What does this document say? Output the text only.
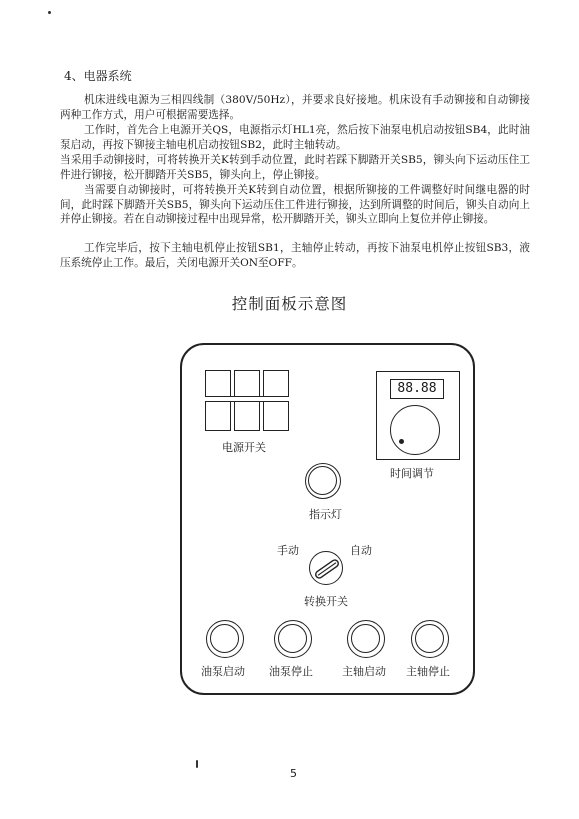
4、电器系统

机床进线电源为三相四线制（380V/50Hz），并要求良好接地。机床设有手动铆接和自动铆接两种工作方式，用户可根据需要选择。

工作时，首先合上电源开关QS，电源指示灯HL1亮，然后按下油泵电机启动按钮SB4，此时油泵启动，再按下铆接主轴电机启动按钮SB2，此时主轴转动。

当采用手动铆接时，可将转换开关K转到手动位置，此时若踩下脚踏开关SB5，铆头向下运动压住工件进行铆接，松开脚踏开关SB5，铆头向上，停止铆接。

当需要自动铆接时，可将转换开关K转到自动位置，根据所铆接的工件调整好时间继电器的时间，此时踩下脚踏开关SB5，铆头向下运动压住工件进行铆接，达到所调整的时间后，铆头自动向上并停止铆接。若在自动铆接过程中出现异常，松开脚踏开关，铆头立即向上复位并停止铆接。

工作完毕后，按下主轴电机停止按钮SB1，主轴停止转动，再按下油泵电机停止按钮SB3，液压系统停止工作。最后，关闭电源开关ON至OFF。

控制面板示意图
电源开关
88.88
时间调节
指示灯
手动	自动
转换开关
油泵启动 油泵停止	主轴启动 主轴停止
5
